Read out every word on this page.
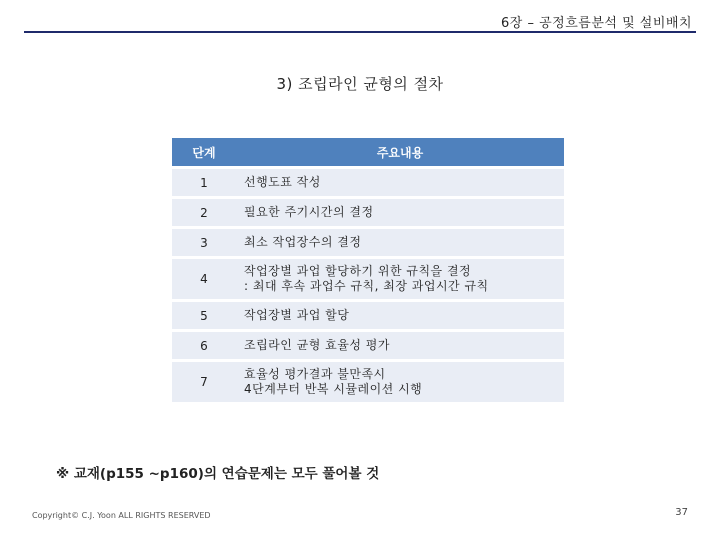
6장 – 공정흐름분석 및 설비배치
3) 조립라인 균형의 절차
단계	주요내용
1	선행도표 작성

2	필요한 주기시간의 결정

3	최소 작업장수의 결정

4	작업장별 과업 할당하기 위한 규칙을 결정
: 최대 후속 과업수 규칙, 최장 과업시간 규칙

5	작업장별 과업 할당

6	조립라인 균형 효율성 평가

7	효율성 평가결과 불만족시
4단계부터 반복 시뮬레이션 시행
※ 교재(p155 ~p160)의 연습문제는 모두 풀어볼 것
Copyright© C.J. Yoon ALL RIGHTS RESERVED	37
